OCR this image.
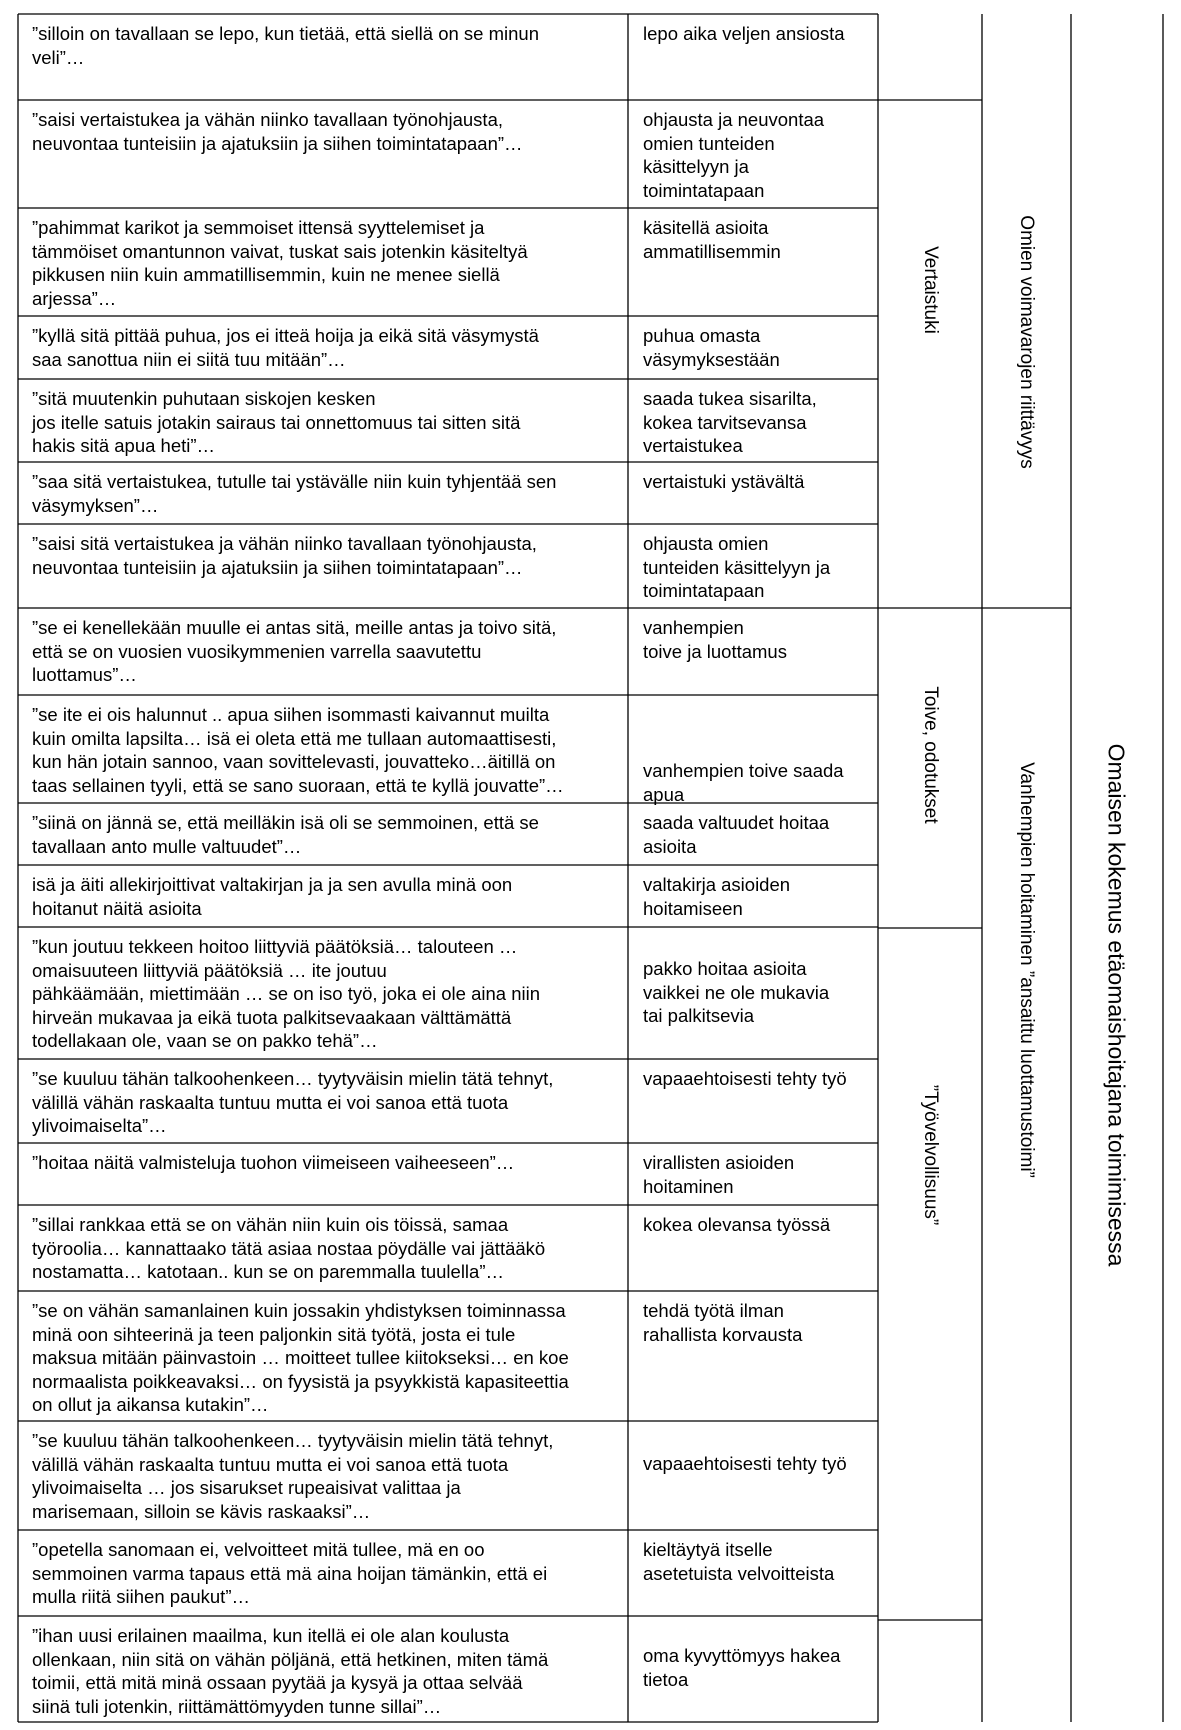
”silloin on tavallaan se lepo, kun tietää, että siellä on se minun
veli”…
lepo aika veljen ansiosta
”saisi vertaistukea ja vähän niinko tavallaan työnohjausta,
neuvontaa tunteisiin ja ajatuksiin ja siihen toimintatapaan”…
ohjausta ja neuvontaa
omien tunteiden
käsittelyyn ja
toimintatapaan
”pahimmat karikot ja semmoiset ittensä syyttelemiset ja
tämmöiset omantunnon vaivat, tuskat sais jotenkin käsiteltyä
pikkusen niin kuin ammatillisemmin, kuin ne menee siellä
arjessa”…
käsitellä asioita
ammatillisemmin
”kyllä sitä pittää puhua, jos ei itteä hoija ja eikä sitä väsymystä
saa sanottua niin ei siitä tuu mitään”…
puhua omasta
väsymyksestään
”sitä muutenkin puhutaan siskojen kesken
jos itelle satuis jotakin sairaus tai onnettomuus tai sitten sitä
hakis sitä apua heti”…
saada tukea sisarilta,
kokea tarvitsevansa
vertaistukea
”saa sitä vertaistukea, tutulle tai ystävälle niin kuin tyhjentää sen
väsymyksen”…
vertaistuki ystävältä
”saisi sitä vertaistukea ja vähän niinko tavallaan työnohjausta,
neuvontaa tunteisiin ja ajatuksiin ja siihen toimintatapaan”…
ohjausta omien
tunteiden käsittelyyn ja
toimintatapaan
”se ei kenellekään muulle ei antas sitä, meille antas ja toivo sitä,
että se on vuosien vuosikymmenien varrella saavutettu
luottamus”…
vanhempien
toive ja luottamus
”se ite ei ois halunnut .. apua siihen isommasti kaivannut muilta
kuin omilta lapsilta… isä ei oleta että me tullaan automaattisesti,
kun hän jotain sannoo, vaan sovittelevasti, jouvatteko…äitillä on
taas sellainen tyyli, että se sano suoraan, että te kyllä jouvatte”…
vanhempien toive saada
apua
”siinä on jännä se, että meilläkin isä oli se semmoinen, että se
tavallaan anto mulle valtuudet”…
saada valtuudet hoitaa
asioita
isä ja äiti allekirjoittivat valtakirjan ja ja sen avulla minä oon
hoitanut näitä asioita
valtakirja asioiden
hoitamiseen
”kun joutuu tekkeen hoitoo liittyviä päätöksiä… talouteen …
omaisuuteen liittyviä päätöksiä … ite joutuu
pähkäämään, miettimään … se on iso työ, joka ei ole aina niin
hirveän mukavaa ja eikä tuota palkitsevaakaan välttämättä
todellakaan ole, vaan se on pakko tehä”…
pakko hoitaa asioita
vaikkei ne ole mukavia
tai palkitsevia
”se kuuluu tähän talkoohenkeen… tyytyväisin mielin tätä tehnyt,
välillä vähän raskaalta tuntuu mutta ei voi sanoa että tuota
ylivoimaiselta”…
vapaaehtoisesti tehty työ
”hoitaa näitä valmisteluja tuohon viimeiseen vaiheeseen”…	virallisten asioiden
hoitaminen
”sillai rankkaa että se on vähän niin kuin ois töissä, samaa
työroolia… kannattaako tätä asiaa nostaa pöydälle vai jättääkö
nostamatta… katotaan.. kun se on paremmalla tuulella”…
kokea olevansa työssä
”se on vähän samanlainen kuin jossakin yhdistyksen toiminnassa
minä oon sihteerinä ja teen paljonkin sitä työtä, josta ei tule
maksua mitään päinvastoin … moitteet tullee kiitokseksi… en koe
normaalista poikkeavaksi… on fyysistä ja psyykkistä kapasiteettia
on ollut ja aikansa kutakin”…
tehdä työtä ilman
rahallista korvausta
”se kuuluu tähän talkoohenkeen… tyytyväisin mielin tätä tehnyt,
välillä vähän raskaalta tuntuu mutta ei voi sanoa että tuota
ylivoimaiselta … jos sisarukset rupeaisivat valittaa ja
marisemaan, silloin se kävis raskaaksi”…
vapaaehtoisesti tehty työ
”opetella sanomaan ei, velvoitteet mitä tullee, mä en oo
semmoinen varma tapaus että mä aina hoijan tämänkin, että ei
mulla riitä siihen paukut”…
kieltäytyä itselle
asetetuista velvoitteista
”ihan uusi erilainen maailma, kun itellä ei ole alan koulusta
ollenkaan, niin sitä on vähän pöljänä, että hetkinen, miten tämä
toimii, että mitä minä ossaan pyytää ja kysyä ja ottaa selvää
siinä tuli jotenkin, riittämättömyyden tunne sillai”…
oma kyvyttömyys hakea
tietoa
Vertaistuki
Toive, odotukset
”Työvelvollisuus”
Omien voimavarojen riittävyys
Vanhempien hoitaminen ”ansaittu luottamustoimi”	Omaisen kokemus etäomaishoitajana toimimisessa
